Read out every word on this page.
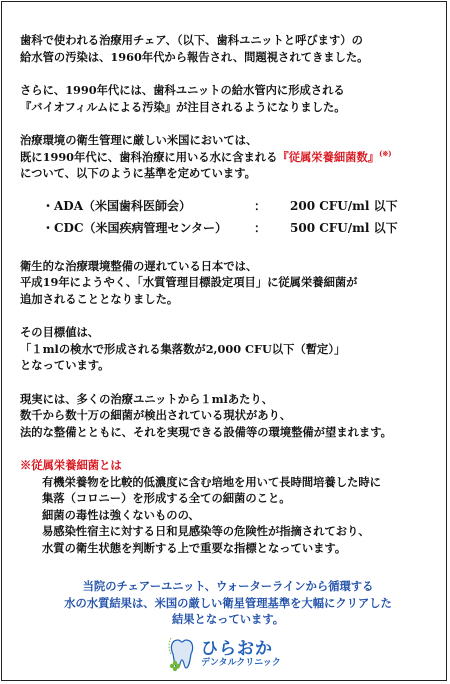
歯科で使われる治療用チェア、（以下、歯科ユニットと呼びます）の
給水管の汚染は、1960年代から報告され、問題視されてきました。
さらに、1990年代には、歯科ユニットの給水管内に形成される
『バイオフィルムによる汚染』が注目されるようになりました。
治療環境の衛生管理に厳しい米国においては、
既に1990年代に、歯科治療に用いる水に含まれる『従属栄養細菌数』(※)
について、以下のように基準を定めています。
・ADA（米国歯科医師会）	：	200 CFU/ml 以下
・CDC（米国疾病管理センター）	：	500 CFU/ml 以下
衛生的な治療環境整備の遅れている日本では、
平成19年にようやく、「水質管理目標設定項目」に従属栄養細菌が
追加されることとなりました。
その目標値は、
「１mlの検水で形成される集落数が2,000 CFU以下（暫定）」
となっています。
現実には、多くの治療ユニットから１mlあたり、
数千から数十万の細菌が検出されている現状があり、
法的な整備とともに、それを実現できる設備等の環境整備が望まれます。
※従属栄養細菌とは
有機栄養物を比較的低濃度に含む培地を用いて長時間培養した時に
集落（コロニー）を形成する全ての細菌のこと。
細菌の毒性は強くないものの、
易感染性宿主に対する日和見感染等の危険性が指摘されており、
水質の衛生状態を判断する上で重要な指標となっています。
当院のチェアーユニット、ウォーターラインから循環する
水の水質結果は、米国の厳しい衛星管理基準を大幅にクリアした
結果となっています。
ひらおか
デンタルクリニック
